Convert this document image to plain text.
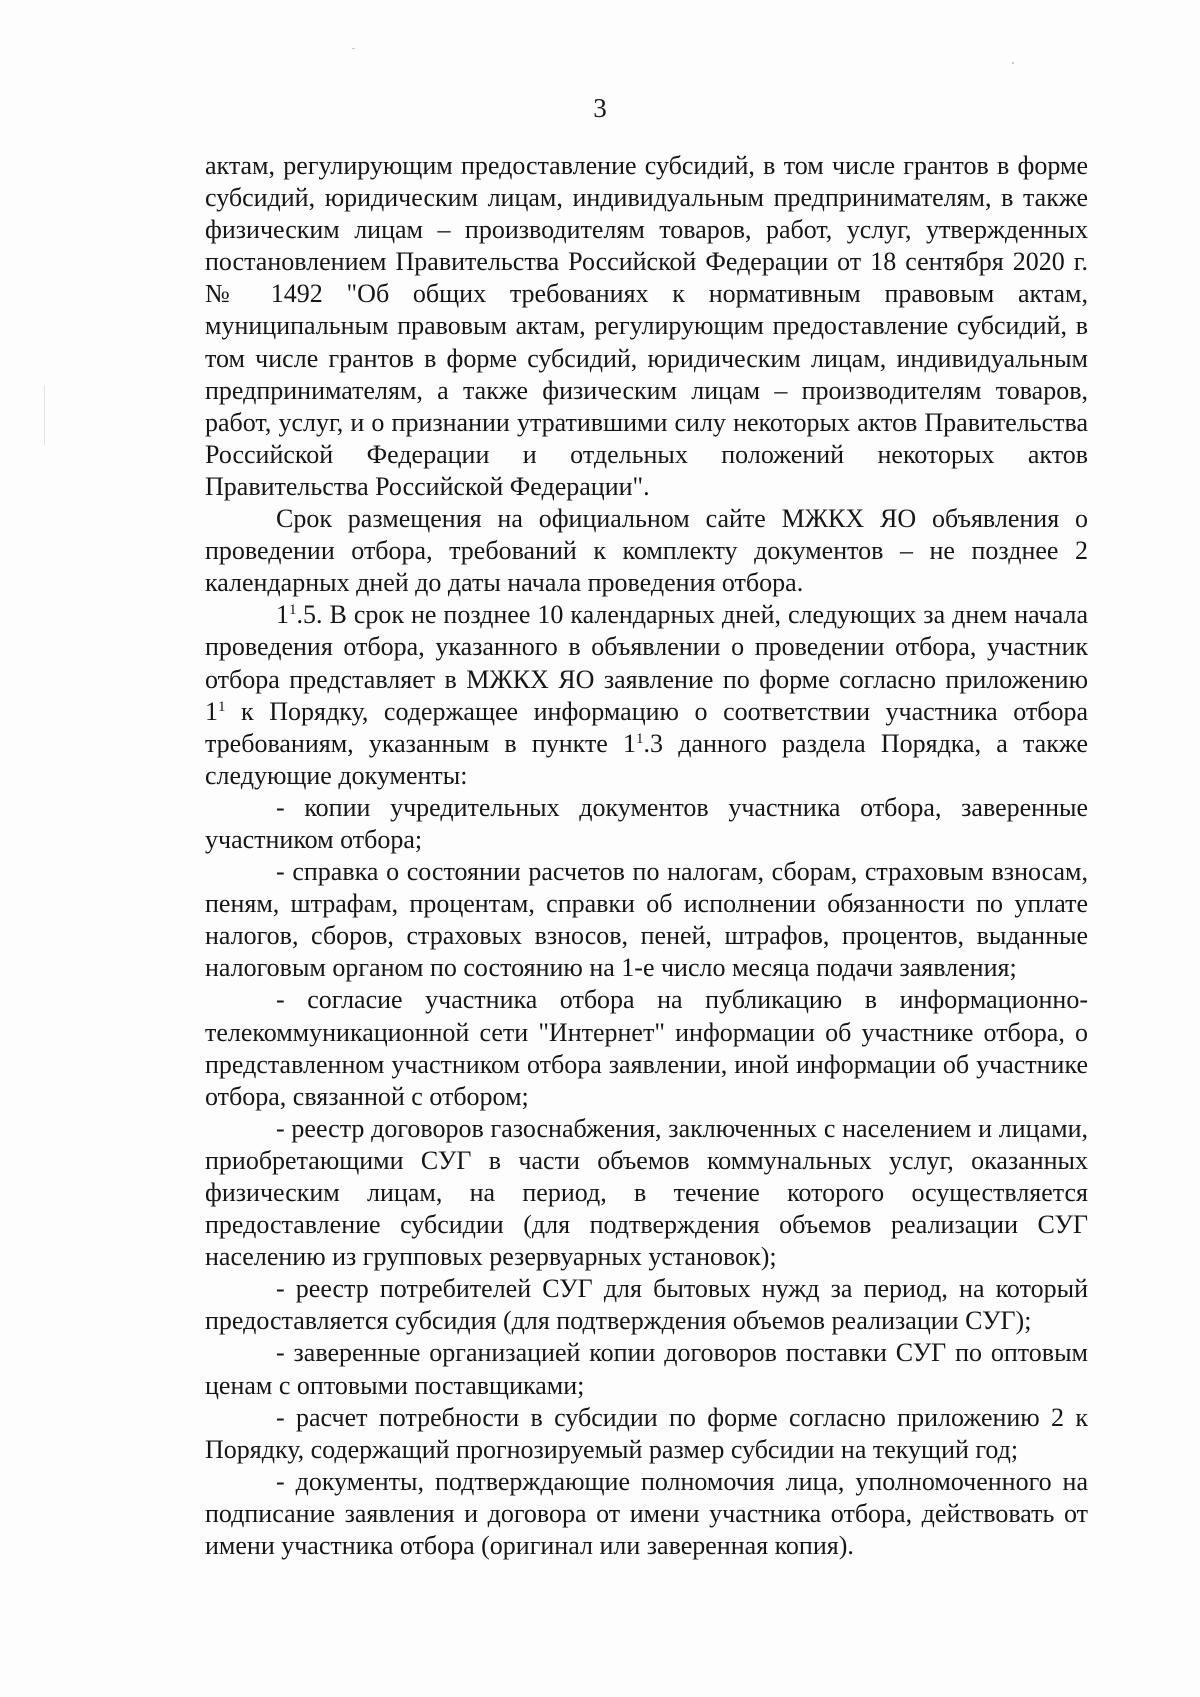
3

актам, регулирующим предоставление субсидий, в том числе грантов в форме субсидий, юридическим лицам, индивидуальным предпринимателям, в также физическим лицам – производителям товаров, работ, услуг, утвержденных постановлением Правительства Российской Федерации от 18 сентября 2020 г. № 1492 "Об общих требованиях к нормативным правовым актам, муниципальным правовым актам, регулирующим предоставление субсидий, в том числе грантов в форме субсидий, юридическим лицам, индивидуальным предпринимателям, а также физическим лицам – производителям товаров, работ, услуг, и о признании утратившими силу некоторых актов Правительства Российской Федерации и отдельных положений некоторых актов Правительства Российской Федерации".

Срок размещения на официальном сайте МЖКХ ЯО объявления о проведении отбора, требований к комплекту документов – не позднее 2 календарных дней до даты начала проведения отбора.

$1^1.5$. В срок не позднее 10 календарных дней, следующих за днем начала проведения отбора, указанного в объявлении о проведении отбора, участник отбора представляет в МЖКХ ЯО заявление по форме согласно приложению $1^1$ к Порядку, содержащее информацию о соответствии участника отбора требованиям, указанным в пункте $1^1.3$ данного раздела Порядка, а также следующие документы:

- копии учредительных документов участника отбора, заверенные участником отбора;

- справка о состоянии расчетов по налогам, сборам, страховым взносам, пеням, штрафам, процентам, справки об исполнении обязанности по уплате налогов, сборов, страховых взносов, пеней, штрафов, процентов, выданные налоговым органом по состоянию на 1-е число месяца подачи заявления;

- согласие участника отбора на публикацию в информационно-телекоммуникационной сети "Интернет" информации об участнике отбора, о представленном участником отбора заявлении, иной информации об участнике отбора, связанной с отбором;

- реестр договоров газоснабжения, заключенных с населением и лицами, приобретающими СУГ в части объемов коммунальных услуг, оказанных физическим лицам, на период, в течение которого осуществляется предоставление субсидии (для подтверждения объемов реализации СУГ населению из групповых резервуарных установок);

- реестр потребителей СУГ для бытовых нужд за период, на который предоставляется субсидия (для подтверждения объемов реализации СУГ);

- заверенные организацией копии договоров поставки СУГ по оптовым ценам с оптовыми поставщиками;

- расчет потребности в субсидии по форме согласно приложению 2 к Порядку, содержащий прогнозируемый размер субсидии на текущий год;

- документы, подтверждающие полномочия лица, уполномоченного на подписание заявления и договора от имени участника отбора, действовать от имени участника отбора (оригинал или заверенная копия).
